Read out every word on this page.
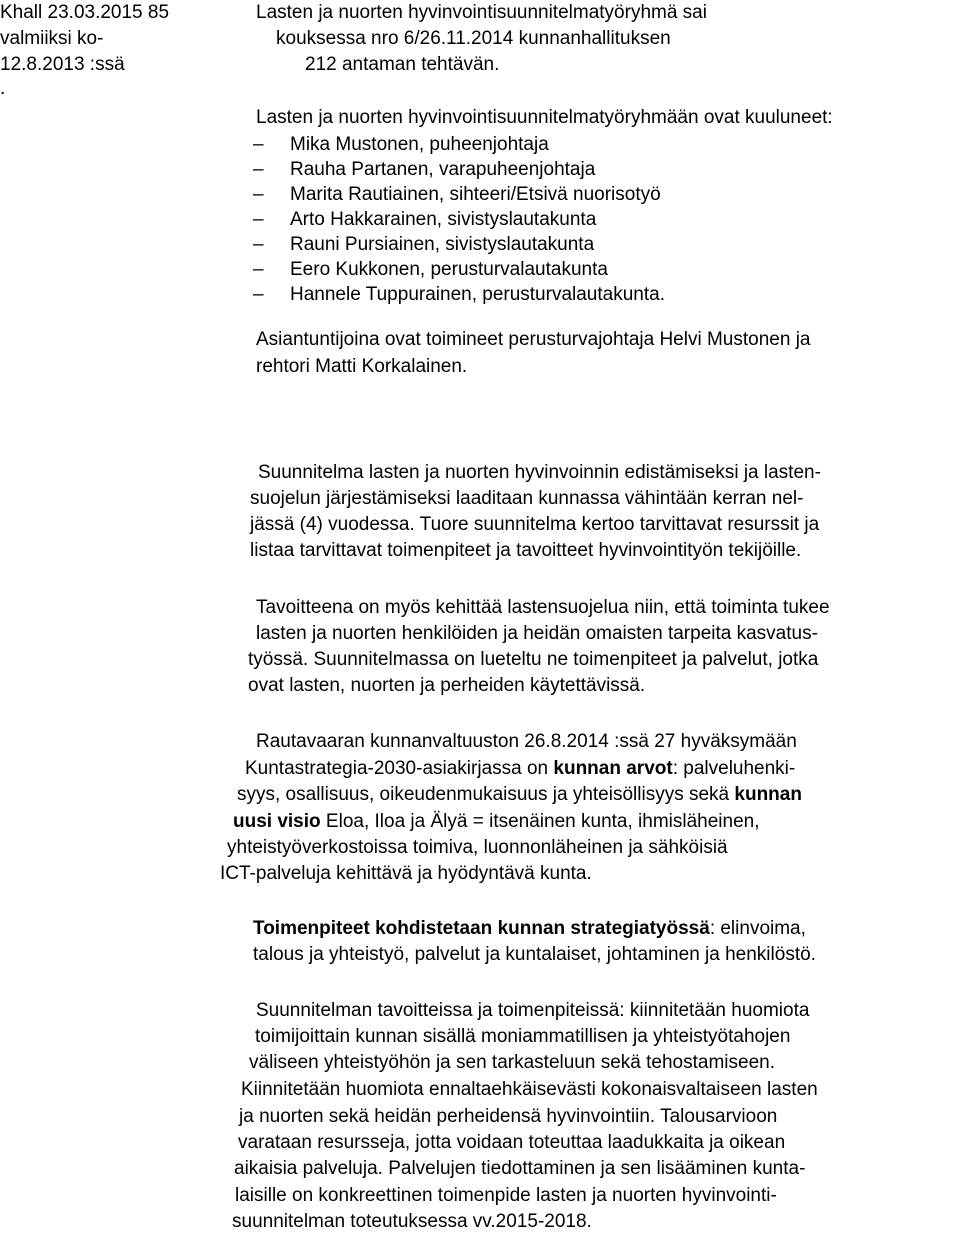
Khall 23.03.2015 85
valmiiksi ko-
12.8.2013 :ssä
.
Lasten ja nuorten hyvinvointisuunnitelmatyöryhmä sai
kouksessa nro 6/26.11.2014 kunnanhallituksen
212 antaman tehtävän.
Lasten ja nuorten hyvinvointisuunnitelmatyöryhmään ovat kuuluneet:
– Mika Mustonen, puheenjohtaja
– Rauha Partanen, varapuheenjohtaja
– Marita Rautiainen, sihteeri/Etsivä nuorisotyö
– Arto Hakkarainen, sivistyslautakunta
– Rauni Pursiainen, sivistyslautakunta
– Eero Kukkonen, perusturvalautakunta
– Hannele Tuppurainen, perusturvalautakunta.
Asiantuntijoina ovat toimineet perusturvajohtaja Helvi Mustonen ja
rehtori Matti Korkalainen.
Suunnitelma lasten ja nuorten hyvinvoinnin edistämiseksi ja lasten-
suojelun järjestämiseksi laaditaan kunnassa vähintään kerran nel-
jässä (4) vuodessa. Tuore suunnitelma kertoo tarvittavat resurssit ja
listaa tarvittavat toimenpiteet ja tavoitteet hyvinvointityön tekijöille.
Tavoitteena on myös kehittää lastensuojelua niin, että toiminta tukee
lasten ja nuorten henkilöiden ja heidän omaisten tarpeita kasvatus-
työssä. Suunnitelmassa on lueteltu ne toimenpiteet ja palvelut, jotka
ovat lasten, nuorten ja perheiden käytettävissä.
Rautavaaran kunnanvaltuuston 26.8.2014 :ssä 27 hyväksymään
Kuntastrategia-2030-asiakirjassa on kunnan arvot: palveluhenki-
syys, osallisuus, oikeudenmukaisuus ja yhteisöllisyys sekä kunnan
uusi visio Eloa, Iloa ja Älyä = itsenäinen kunta, ihmisläheinen,
yhteistyöverkostoissa toimiva, luonnonläheinen ja sähköisiä
ICT-palveluja kehittävä ja hyödyntävä kunta.
Toimenpiteet kohdistetaan kunnan strategiatyössä: elinvoima,
talous ja yhteistyö, palvelut ja kuntalaiset, johtaminen ja henkilöstö.
Suunnitelman tavoitteissa ja toimenpiteissä: kiinnitetään huomiota
toimijoittain kunnan sisällä moniammatillisen ja yhteistyötahojen
väliseen yhteistyöhön ja sen tarkasteluun sekä tehostamiseen.
Kiinnitetään huomiota ennaltaehkäisevästi kokonaisvaltaiseen lasten
ja nuorten sekä heidän perheidensä hyvinvointiin. Talousarvioon
varataan resursseja, jotta voidaan toteuttaa laadukkaita ja oikean
aikaisia palveluja. Palvelujen tiedottaminen ja sen lisääminen kunta-
laisille on konkreettinen toimenpide lasten ja nuorten hyvinvointi-
suunnitelman toteutuksessa vv.2015-2018.
